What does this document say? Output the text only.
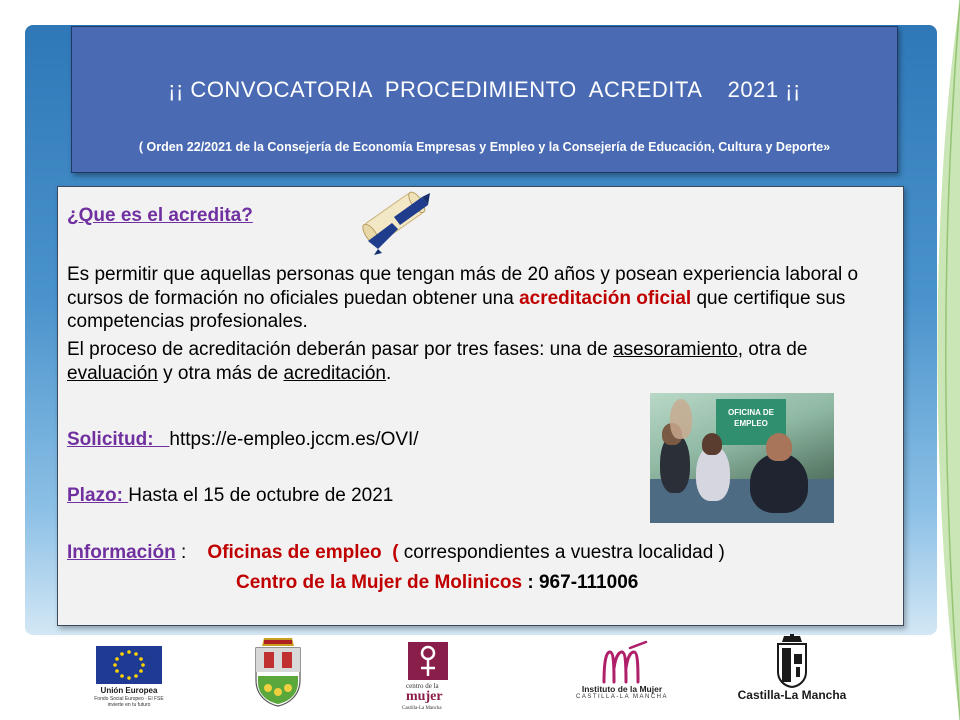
¡¡ CONVOCATORIA  PROCEDIMIENTO  ACREDITA    2021 ¡¡
( Orden 22/2021 de la Consejería de Economía Empresas y Empleo y la Consejería de Educación, Cultura y Deporte»
¿Que es el acredita?
Es permitir que aquellas personas que tengan más de 20 años y posean experiencia laboral o cursos de formación no oficiales puedan obtener una acreditación oficial que certifique sus competencias profesionales.
El proceso de acreditación deberán pasar por tres fases: una de asesoramiento, otra de evaluación y otra más de acreditación.
Solicitud:   https://e-empleo.jccm.es/OVI/
Plazo: Hasta el 15 de octubre de 2021
Información :    Oficinas de empleo  ( correspondientes a vuestra localidad )
Centro de la Mujer de Molinicos : 967-111006
OFICINA DE EMPLEO
Unión Europea
Fondo Social Europeo · El FSE invierte en tu futuro
centro de la
mujer
Castilla-La Mancha
Instituto de la Mujer
CASTILLA-LA MANCHA	Castilla-La Mancha
